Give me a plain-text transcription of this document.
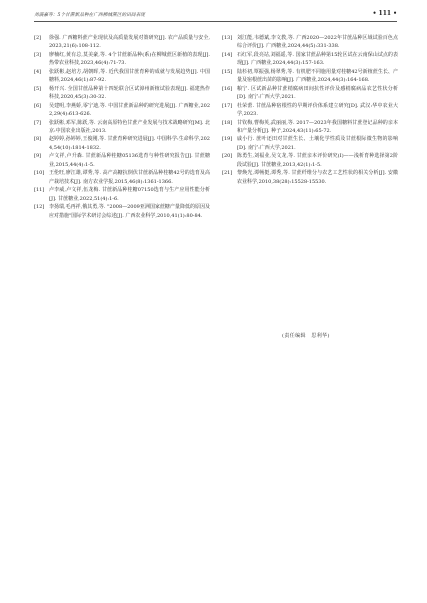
刘满嘉等：5个甘蔗新品种在广西柳城蔗区的田间表现	• 111 •
[2]	徐强. 广西糖料蔗产业现状及高质量发展对策研究[J]. 农产品质量与安全,2023,21(6):108-112.
[3]	廖楠红,黄有总,莫美豪,等. 4个甘蔗新品种(系)在柳城蔗区新植的表现[J]. 热带农业科技,2023,46(4):71-73.
[4]	张跃彬,赵培方,胡朝晖,等. 近代我国甘蔗育种的成就与发展趋势[J]. 中国糖料,2024,46(1):87-92.
[5]	杨开兴. 全国甘蔗品种第十四轮联合区试漳州新植试验表现[J]. 福建热作科技,2020,45(3):30-32.
[6]	吴建明,李燕娇,零宁迪,等. 中国甘蔗新品种的研究进展[J]. 广西糖业,2022,29(4):613-626.
[7]	张跃彬,邓军,陈跃,等. 云南高原特色甘蔗产业发展与技术战略研究[M]. 北京:中国农业出版社,2013.
[8]	赵婷婷,孙婷婷,王俊刚,等. 甘蔗育种研究进展[J]. 中国科学:生命科学,2024,54(10):1814-1832.
[9]	卢文祥,卢升森. 甘蔗新品种桂糖05136选育与种性研究报告[J]. 甘蔗糖业,2015,44(4):1-5.
[10] 王伦旺,廖江雄,谭秀,等. 高产高糖抗倒伏甘蔗新品种桂糖42号的选育及高产栽培技术[J]. 南方农业学报,2015,46(8):1361-1366.
[11] 卢李威,卢文祥,伍龙梅. 甘蔗新品种桂糖07150选育与生产应用性能分析[J]. 甘蔗糖业,2022,51(4):1-6.
[12] 李扬瑞,毛再祥,俄其勇,等. "2008—2009亚洲国家蔗糖产量降低的原因及应对措施"国际学术研讨会综述[J]. 广西农业科学,2010,41(1):80-84.
[13] 刘江能,韦德斌,李文教,等. 广西2020—2022年甘蔗品种区域试验百色点综合评价[J]. 广西糖业,2024,44(5):331-338.
[14] 石红军,段亮站,刘福遥,等. 国家甘蔗品种第15轮区试在云南保山试点的表现[J]. 广西糖业,2024,44(3):157-163.
[15] 陆杉初,覃振强,杨翠秀,等. 有机肥不同施用量对桂糖42号新植蔗生长、产量及宿根蔗出苗的影响[J]. 广西糖业,2024,44(3):164-168.
[16] 粮宁. 区试新品种甘蔗梢腐病田间抗性评价及感梢腐病品农艺性状分析[D]. 南宁:广西大学,2021.
[17] 杜荣蕾. 甘蔗品种宿根性的早期评价体系建立研究[D]. 武汉:华中农业大学,2023.
[18] 甘钦梅,曹梅英,武丽丽,等. 2017—2023年我国糖料甘蔗登记品种的亲本和产量分析[J]. 种子,2024,43(11):65-72.
[19] 戚小行. 蔗叶还田对甘蔗生长、土壤化学性质及甘蔗根际微生物的影响[D]. 南宁:广西大学,2021.
[20] 陈勇生,刘福业,吴文龙,等. 甘蔗亲本评价研究(Ⅰ)——浅析育种选择第2阶段试验[J]. 甘蔗糖业,2013,42(1):1-5.
[21] 黎焕光,谭畅挺,谭秀,等. 甘蔗纤维分与农艺工艺性状的相关分析[J]. 安徽农业科学,2010,38(28):15528-15530.
(责任编辑　思利华)
